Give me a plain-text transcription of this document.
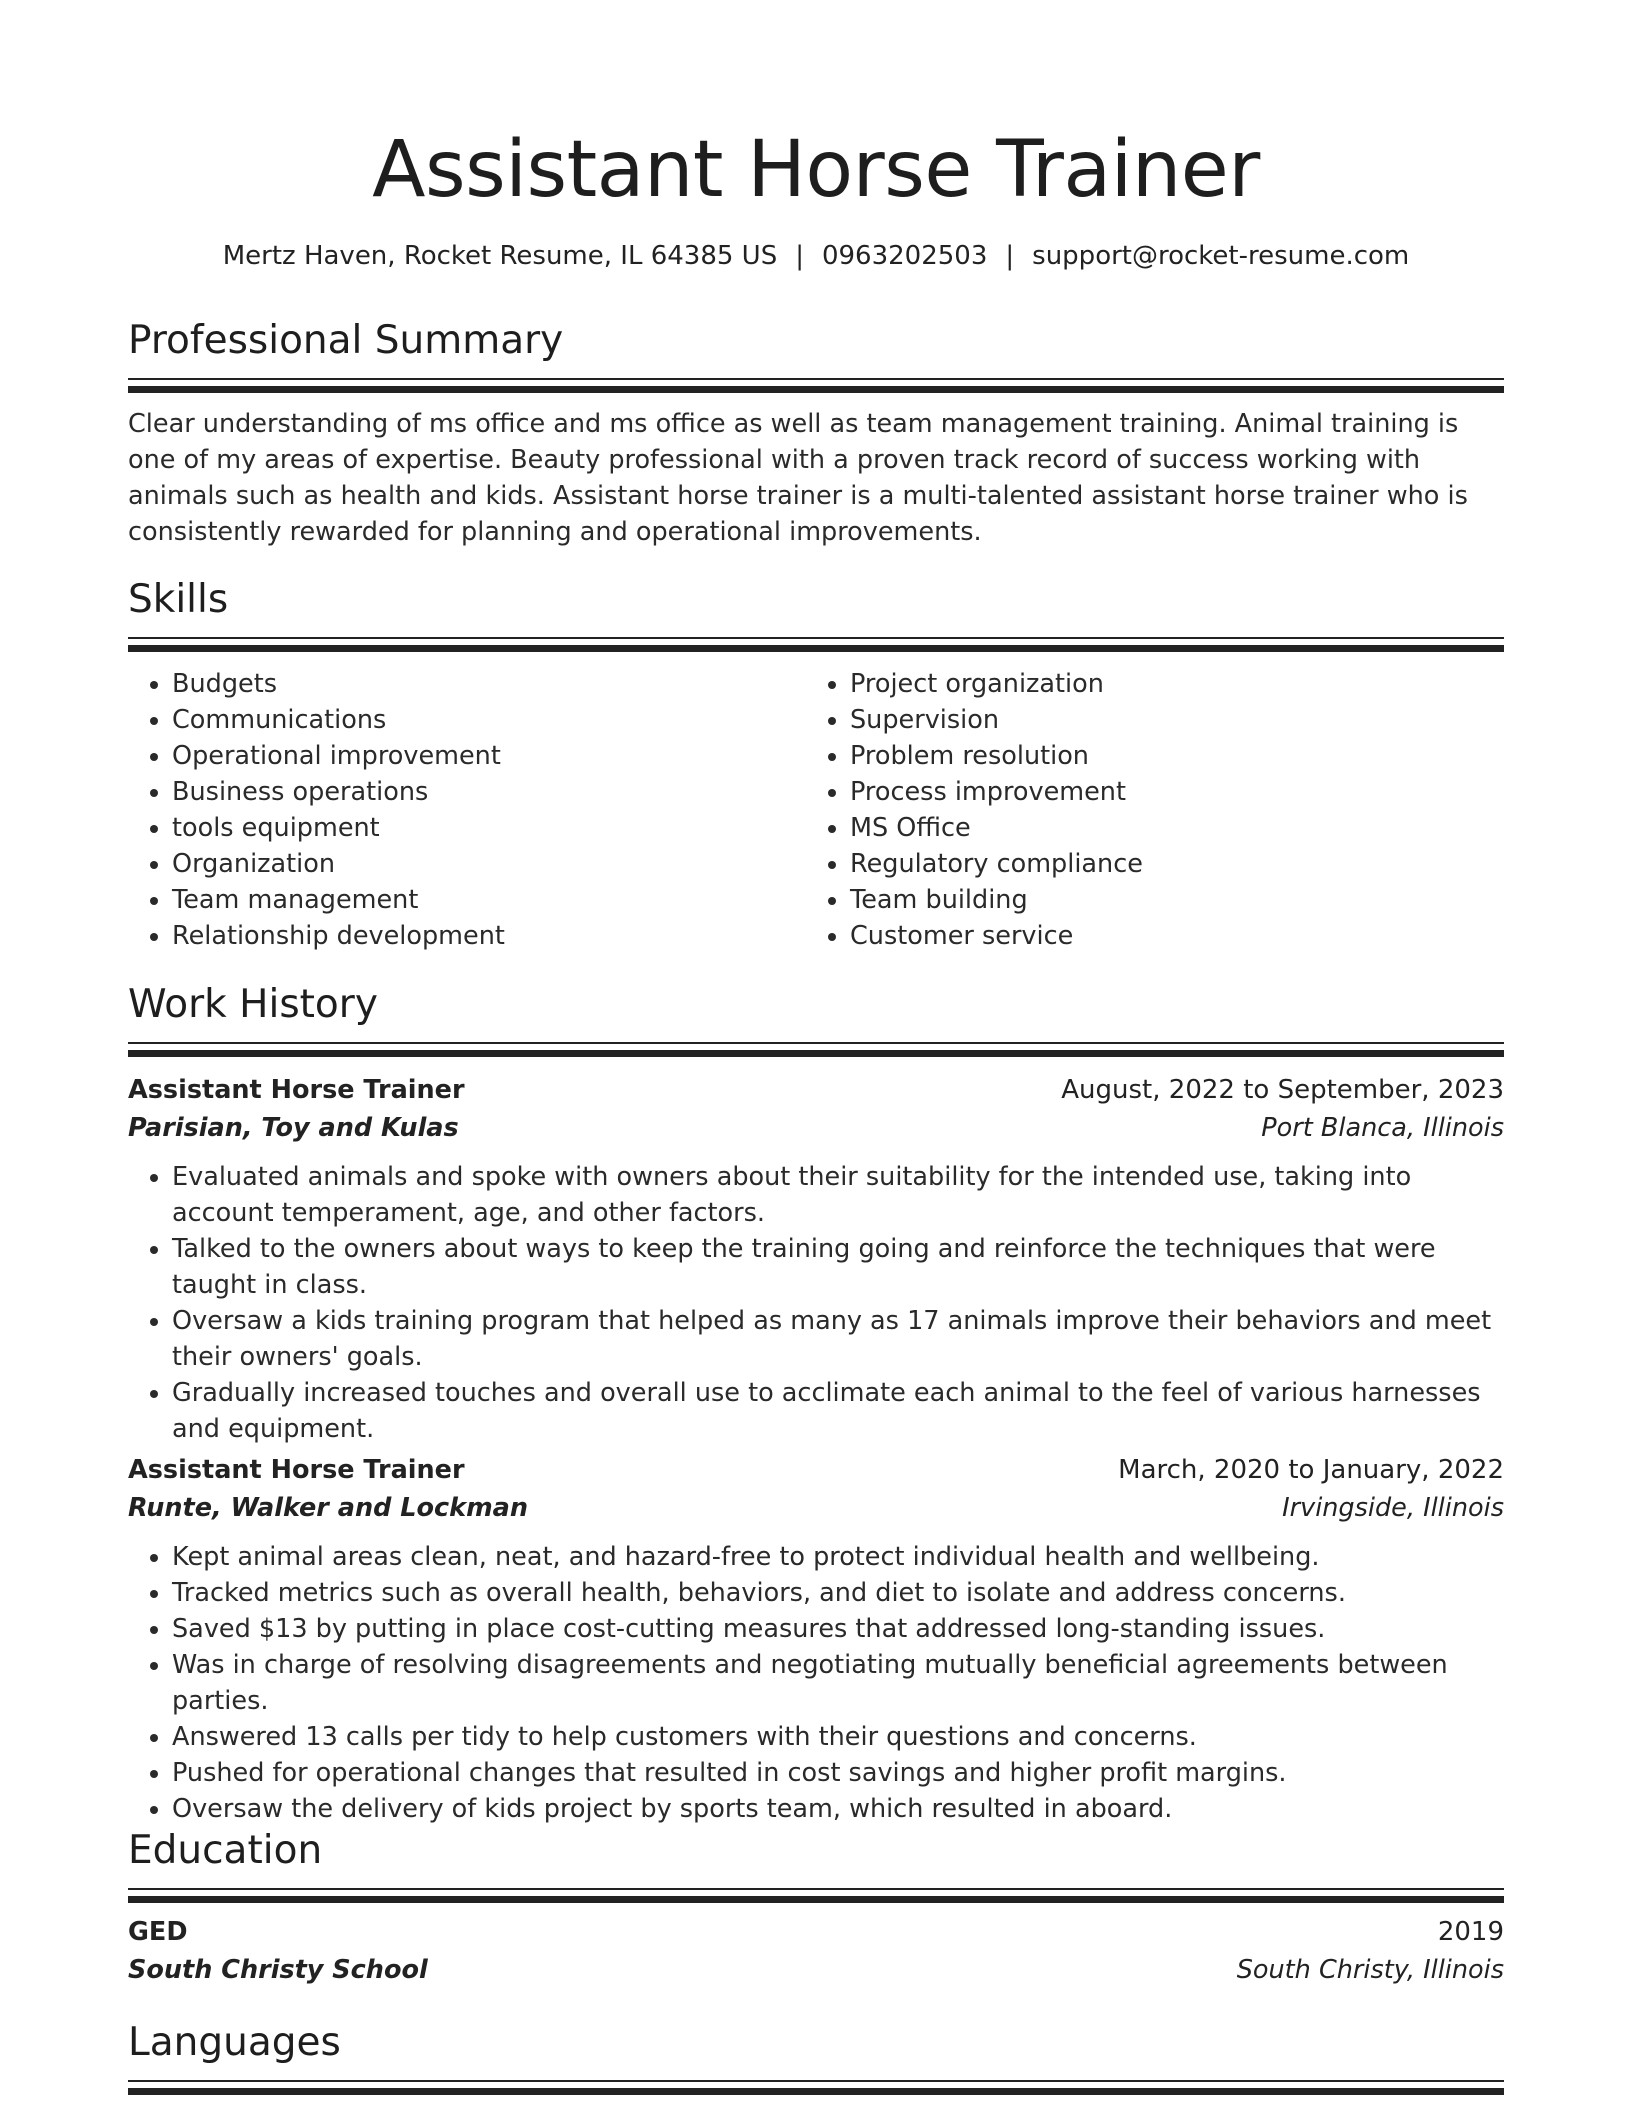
Assistant Horse Trainer
Mertz Haven, Rocket Resume, IL 64385 US | 0963202503 | support@rocket-resume.com
Professional Summary
Clear understanding of ms office and ms office as well as team management training. Animal training is one of my areas of expertise. Beauty professional with a proven track record of success working with animals such as health and kids. Assistant horse trainer is a multi-talented assistant horse trainer who is consistently rewarded for planning and operational improvements.
Skills
• Budgets
• Communications
• Operational improvement
• Business operations
• tools equipment
• Organization
• Team management
• Relationship development
• Project organization
• Supervision
• Problem resolution
• Process improvement
• MS Office
• Regulatory compliance
• Team building
• Customer service
Work History
Assistant Horse Trainer	August, 2022 to September, 2023
Parisian, Toy and Kulas	Port Blanca, Illinois
• Evaluated animals and spoke with owners about their suitability for the intended use, taking into account temperament, age, and other factors.
• Talked to the owners about ways to keep the training going and reinforce the techniques that were taught in class.
• Oversaw a kids training program that helped as many as 17 animals improve their behaviors and meet their owners' goals.
• Gradually increased touches and overall use to acclimate each animal to the feel of various harnesses and equipment.
Assistant Horse Trainer	March, 2020 to January, 2022
Runte, Walker and Lockman	Irvingside, Illinois
• Kept animal areas clean, neat, and hazard-free to protect individual health and wellbeing.
• Tracked metrics such as overall health, behaviors, and diet to isolate and address concerns.
• Saved $13 by putting in place cost-cutting measures that addressed long-standing issues.
• Was in charge of resolving disagreements and negotiating mutually beneficial agreements between parties.
• Answered 13 calls per tidy to help customers with their questions and concerns.
• Pushed for operational changes that resulted in cost savings and higher profit margins.
• Oversaw the delivery of kids project by sports team, which resulted in aboard.
Education
GED	2019
South Christy School	South Christy, Illinois
Languages
